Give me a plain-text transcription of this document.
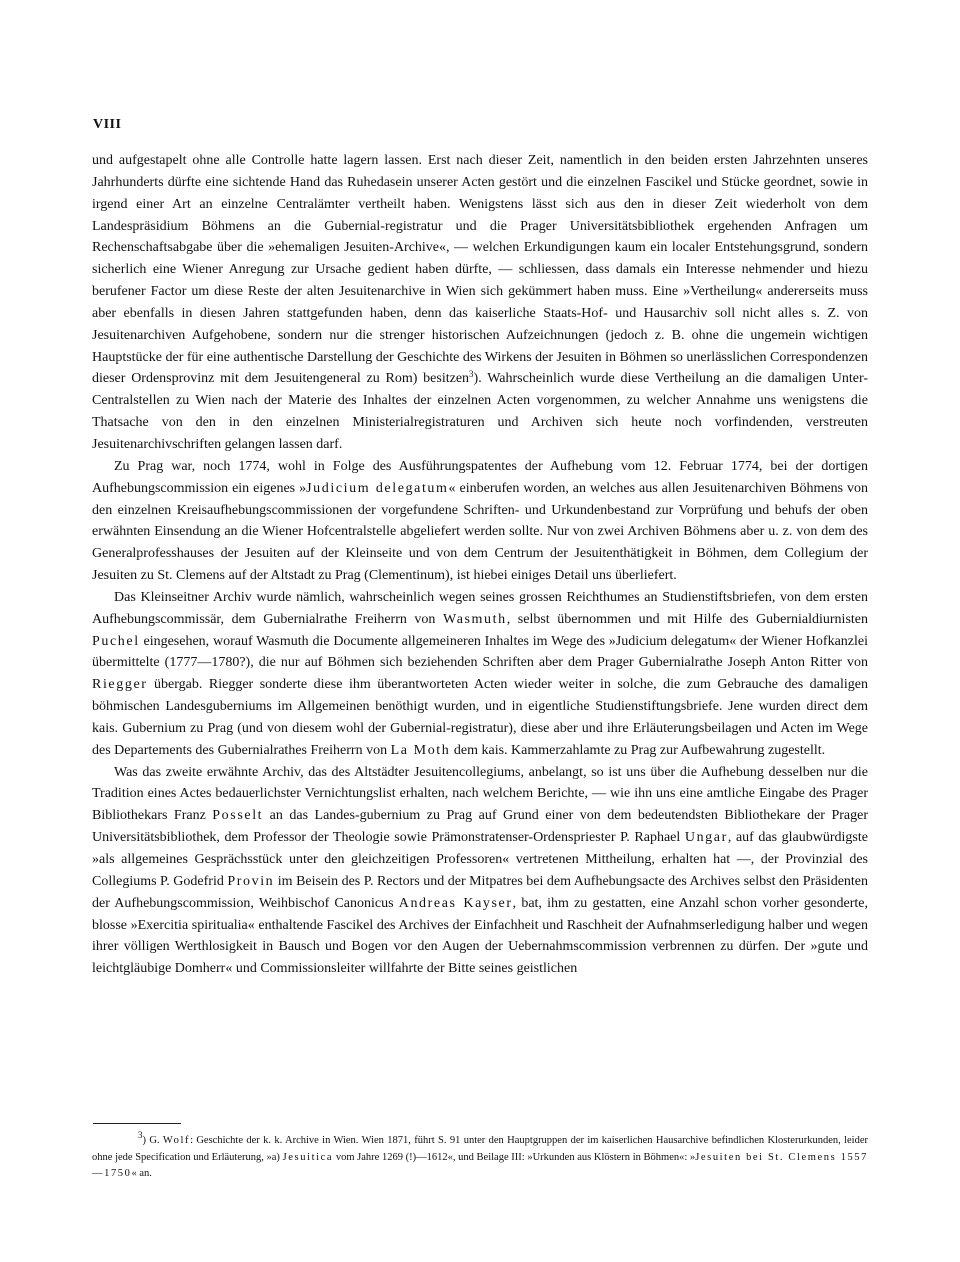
VIII

und aufgestapelt ohne alle Controlle hatte lagern lassen. Erst nach dieser Zeit, namentlich in den beiden ersten Jahrzehnten unseres Jahrhunderts dürfte eine sichtende Hand das Ruhedasein unserer Acten gestört und die einzelnen Fascikel und Stücke geordnet, sowie in irgend einer Art an einzelne Centralämter vertheilt haben. Wenigstens lässt sich aus den in dieser Zeit wiederholt von dem Landespräsidium Böhmens an die Gubernial-registratur und die Prager Universitätsbibliothek ergehenden Anfragen um Rechenschaftsabgabe über die »ehemaligen Jesuiten-Archive«, — welchen Erkundigungen kaum ein localer Entstehungsgrund, sondern sicherlich eine Wiener Anregung zur Ursache gedient haben dürfte, — schliessen, dass damals ein Interesse nehmender und hiezu berufener Factor um diese Reste der alten Jesuitenarchive in Wien sich gekümmert haben muss. Eine »Vertheilung« andererseits muss aber ebenfalls in diesen Jahren stattgefunden haben, denn das kaiserliche Staats-Hof- und Hausarchiv soll nicht alles s. Z. von Jesuitenarchiven Aufgehobene, sondern nur die strenger historischen Aufzeichnungen (jedoch z. B. ohne die ungemein wichtigen Hauptstücke der für eine authentische Darstellung der Geschichte des Wirkens der Jesuiten in Böhmen so unerlässlichen Correspondenzen dieser Ordensprovinz mit dem Jesuitengeneral zu Rom) besitzen$^3$). Wahrscheinlich wurde diese Vertheilung an die damaligen Unter-Centralstellen zu Wien nach der Materie des Inhaltes der einzelnen Acten vorgenommen, zu welcher Annahme uns wenigstens die Thatsache von den in den einzelnen Ministerialregistraturen und Archiven sich heute noch vorfindenden, verstreuten Jesuitenarchivschriften gelangen lassen darf.

Zu Prag war, noch 1774, wohl in Folge des Ausführungspatentes der Aufhebung vom 12. Februar 1774, bei der dortigen Aufhebungscommission ein eigenes »Judicium delegatum« einberufen worden, an welches aus allen Jesuitenarchiven Böhmens von den einzelnen Kreisaufhebungscommissionen der vorgefundene Schriften- und Urkundenbestand zur Vorprüfung und behufs der oben erwähnten Einsendung an die Wiener Hofcentralstelle abgeliefert werden sollte. Nur von zwei Archiven Böhmens aber u. z. von dem des Generalprofesshauses der Jesuiten auf der Kleinseite und von dem Centrum der Jesuitenthätigkeit in Böhmen, dem Collegium der Jesuiten zu St. Clemens auf der Altstadt zu Prag (Clementinum), ist hiebei einiges Detail uns überliefert.

Das Kleinseitner Archiv wurde nämlich, wahrscheinlich wegen seines grossen Reichthumes an Studienstiftsbriefen, von dem ersten Aufhebungscommissär, dem Gubernialrathe Freiherrn von Wasmuth, selbst übernommen und mit Hilfe des Gubernialdiurnisten Puchel eingesehen, worauf Wasmuth die Documente allgemeineren Inhaltes im Wege des »Judicium delegatum« der Wiener Hofkanzlei übermittelte (1777—1780?), die nur auf Böhmen sich beziehenden Schriften aber dem Prager Gubernialrathe Joseph Anton Ritter von Riegger übergab. Riegger sonderte diese ihm überantworteten Acten wieder weiter in solche, die zum Gebrauche des damaligen böhmischen Landesguberniums im Allgemeinen benöthigt wurden, und in eigentliche Studienstiftungsbriefe. Jene wurden direct dem kais. Gubernium zu Prag (und von diesem wohl der Gubernial-registratur), diese aber und ihre Erläuterungsbeilagen und Acten im Wege des Departements des Gubernialrathes Freiherrn von La Moth dem kais. Kammerzahlamte zu Prag zur Aufbewahrung zugestellt.

Was das zweite erwähnte Archiv, das des Altstädter Jesuitencollegiums, anbelangt, so ist uns über die Aufhebung desselben nur die Tradition eines Actes bedauerlichster Vernichtungslist erhalten, nach welchem Berichte, — wie ihn uns eine amtliche Eingabe des Prager Bibliothekars Franz Posselt an das Landes-gubernium zu Prag auf Grund einer von dem bedeutendsten Bibliothekare der Prager Universitätsbibliothek, dem Professor der Theologie sowie Prämonstratenser-Ordenspriester P. Raphael Ungar, auf das glaubwürdigste »als allgemeines Gesprächsstück unter den gleichzeitigen Professoren« vertretenen Mittheilung, erhalten hat —, der Provinzial des Collegiums P. Godefrid Provin im Beisein des P. Rectors und der Mitpatres bei dem Aufhebungsacte des Archives selbst den Präsidenten der Aufhebungscommission, Weihbischof Canonicus Andreas Kayser, bat, ihm zu gestatten, eine Anzahl schon vorher gesonderte, blosse »Exercitia spiritualia« enthaltende Fascikel des Archives der Einfachheit und Raschheit der Aufnahmserledigung halber und wegen ihrer völligen Werthlosigkeit in Bausch und Bogen vor den Augen der Uebernahmscommission verbrennen zu dürfen. Der »gute und leichtgläubige Domherr« und Commissionsleiter willfahrte der Bitte seines geistlichen

$^3$) G. Wolf: Geschichte der k. k. Archive in Wien. Wien 1871, führt S. 91 unter den Hauptgruppen der im kaiserlichen Hausarchive befindlichen Klosterurkunden, leider ohne jede Specification und Erläuterung, »a) Jesuitica vom Jahre 1269 (!)—1612«, und Beilage III: »Urkunden aus Klöstern in Böhmen«: »Jesuiten bei St. Clemens 1557—1750« an.
